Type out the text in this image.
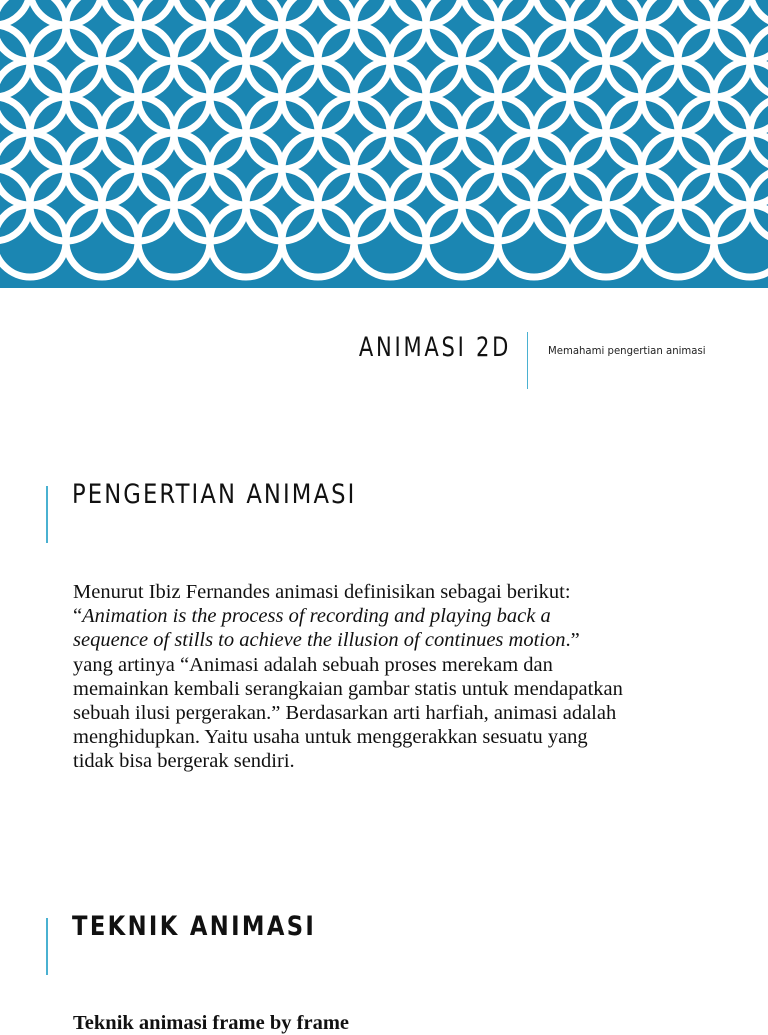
ANIMASI 2D	Memahami pengertian animasi
PENGERTIAN ANIMASI
Menurut Ibiz Fernandes animasi definisikan sebagai berikut:
“Animation is the process of recording and playing back a
sequence of stills to achieve the illusion of continues motion.”
yang artinya “Animasi adalah sebuah proses merekam dan
memainkan kembali serangkaian gambar statis untuk mendapatkan
sebuah ilusi pergerakan.” Berdasarkan arti harfiah, animasi adalah
menghidupkan. Yaitu usaha untuk menggerakkan sesuatu yang
tidak bisa bergerak sendiri.
TEKNIK ANIMASI
Teknik animasi frame by frame
